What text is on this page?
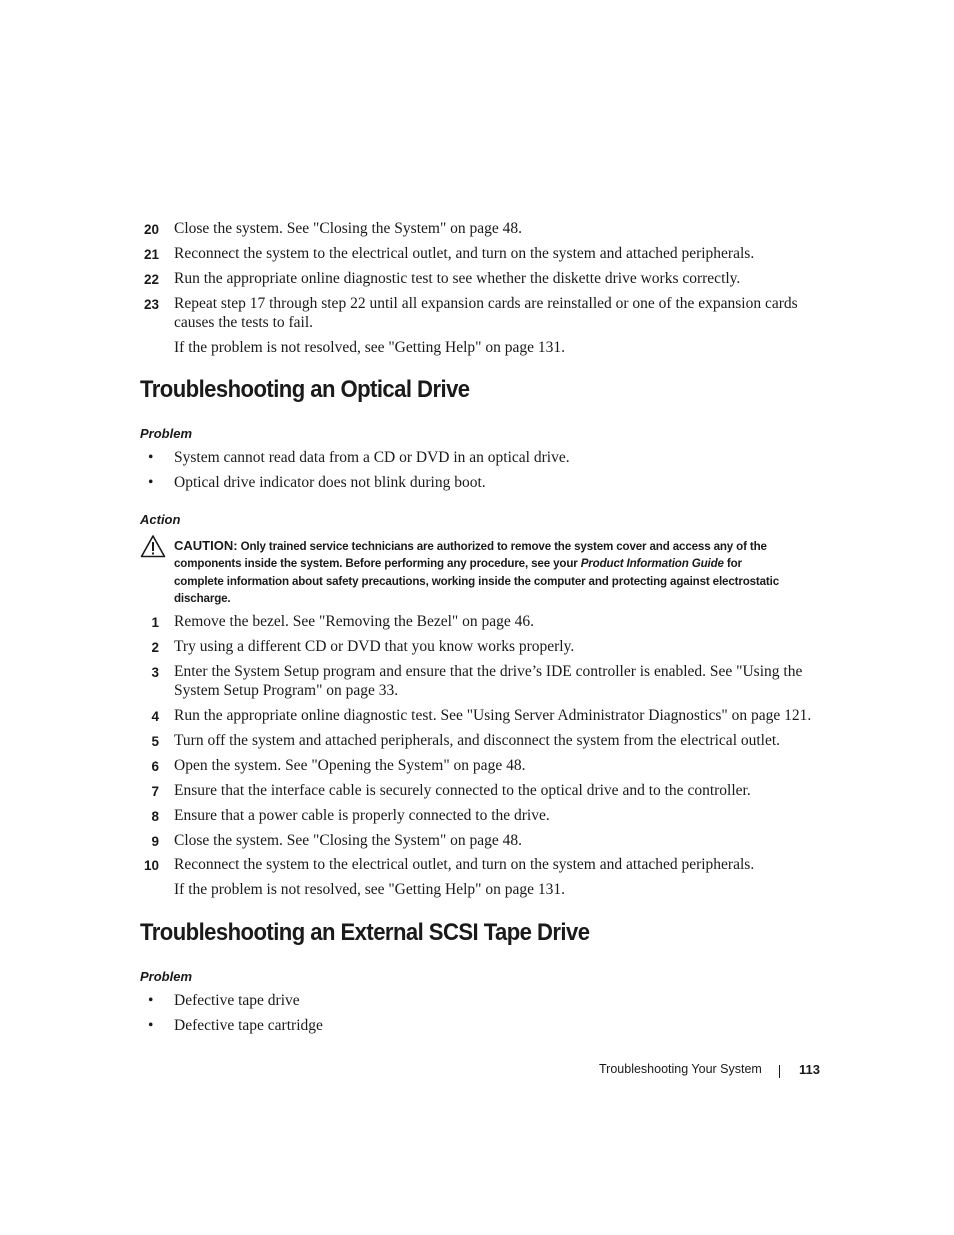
20 Close the system. See "Closing the System" on page 48.
21 Reconnect the system to the electrical outlet, and turn on the system and attached peripherals.
22 Run the appropriate online diagnostic test to see whether the diskette drive works correctly.
23 Repeat step 17 through step 22 until all expansion cards are reinstalled or one of the expansion cards causes the tests to fail.
If the problem is not resolved, see "Getting Help" on page 131.
Troubleshooting an Optical Drive
Problem
• System cannot read data from a CD or DVD in an optical drive.
• Optical drive indicator does not blink during boot.
Action
CAUTION: Only trained service technicians are authorized to remove the system cover and access any of the
components inside the system. Before performing any procedure, see your Product Information Guide for
complete information about safety precautions, working inside the computer and protecting against electrostatic
discharge.
1 Remove the bezel. See "Removing the Bezel" on page 46.
2 Try using a different CD or DVD that you know works properly.
3 Enter the System Setup program and ensure that the drive’s IDE controller is enabled. See "Using the System Setup Program" on page 33.
4 Run the appropriate online diagnostic test. See "Using Server Administrator Diagnostics" on page 121.
5 Turn off the system and attached peripherals, and disconnect the system from the electrical outlet.
6 Open the system. See "Opening the System" on page 48.
7 Ensure that the interface cable is securely connected to the optical drive and to the controller.
8 Ensure that a power cable is properly connected to the drive.
9 Close the system. See "Closing the System" on page 48.
10 Reconnect the system to the electrical outlet, and turn on the system and attached peripherals.
If the problem is not resolved, see "Getting Help" on page 131.
Troubleshooting an External SCSI Tape Drive
Problem
• Defective tape drive
• Defective tape cartridge
Troubleshooting Your System	113
